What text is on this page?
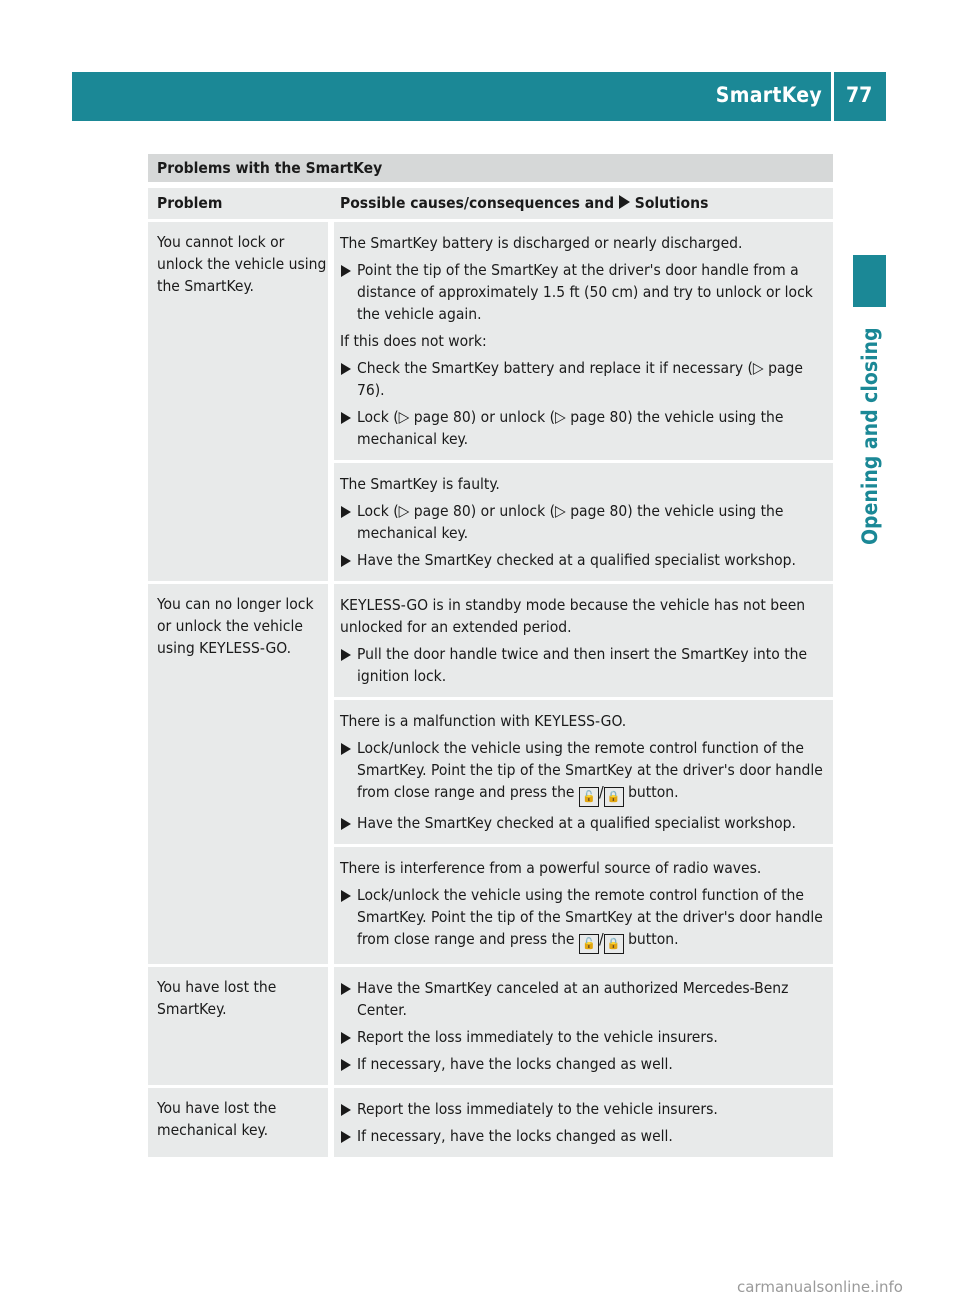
SmartKey 77
Opening and closing
Problems with the SmartKey
Problem	Possible causes/consequences and Solutions
You cannot lock or unlock the vehicle using the SmartKey.

The SmartKey battery is discharged or nearly discharged.

Point the tip of the SmartKey at the driver's door handle from a distance of approximately 1.5 ft (50 cm) and try to unlock or lock the vehicle again.

If this does not work:

Check the SmartKey battery and replace it if necessary (▷ page 76).
Lock (▷ page 80) or unlock (▷ page 80) the vehicle using the mechanical key.

The SmartKey is faulty.

Lock (▷ page 80) or unlock (▷ page 80) the vehicle using the mechanical key.
Have the SmartKey checked at a qualified specialist workshop.
You can no longer lock or unlock the vehicle using KEYLESS-GO.

KEYLESS-GO is in standby mode because the vehicle has not been unlocked for an extended period.

Pull the door handle twice and then insert the SmartKey into the ignition lock.

There is a malfunction with KEYLESS-GO.

Lock/unlock the vehicle using the remote control function of the SmartKey. Point the tip of the SmartKey at the driver's door handle from close range and press the 🔓 / 🔒 button.
Have the SmartKey checked at a qualified specialist workshop.

There is interference from a powerful source of radio waves.

Lock/unlock the vehicle using the remote control function of the SmartKey. Point the tip of the SmartKey at the driver's door handle from close range and press the 🔓 / 🔒 button.
You have lost the SmartKey.
Have the SmartKey canceled at an authorized Mercedes-Benz Center.
Report the loss immediately to the vehicle insurers.
If necessary, have the locks changed as well.
You have lost the mechanical key.
Report the loss immediately to the vehicle insurers.
If necessary, have the locks changed as well.
carmanualsonline.info
